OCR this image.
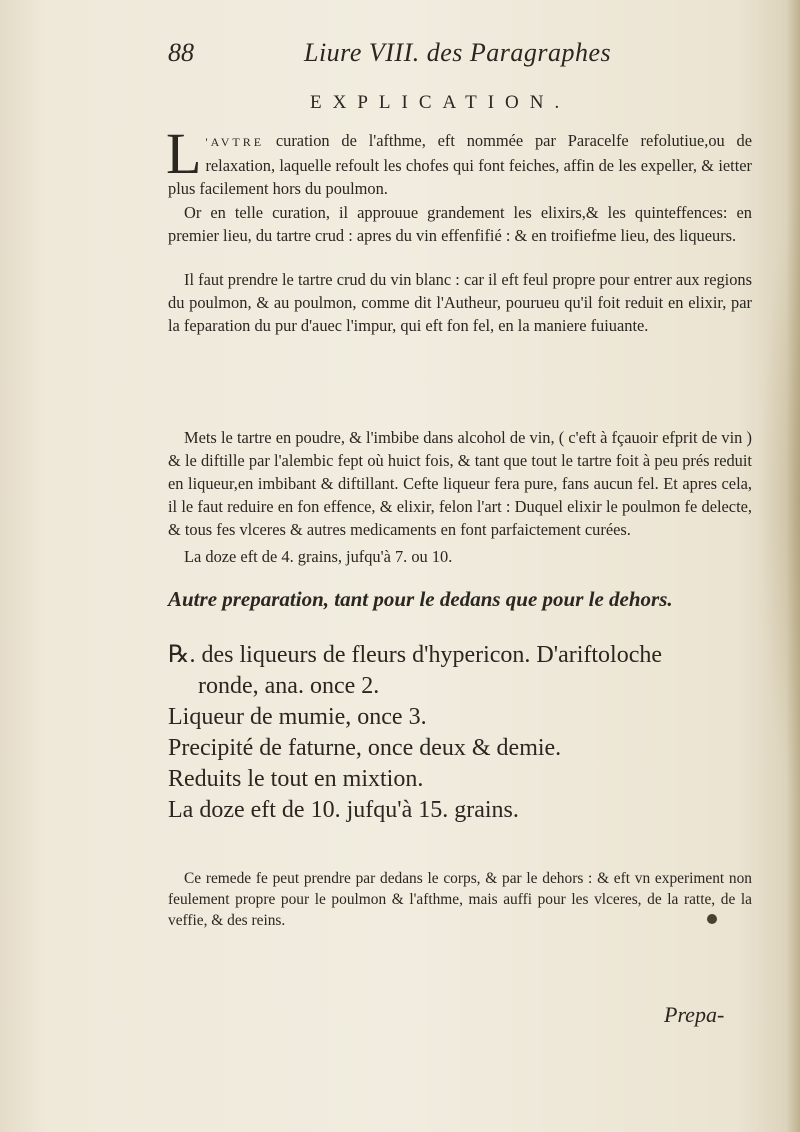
88	Liure VIII. des Paragraphes
EXPLICATION.
L 'AVTRE curation de l'afthme, eft nommée par Paracelfe refolutiue,ou de relaxation, laquelle refoult les chofes qui font feiches, affin de les expeller, & ietter plus facilement hors du poulmon.
Or en telle curation, il approuue grandement les elixirs,& les quinteffences: en premier lieu, du tartre crud : apres du vin effenfifié : & en troifiefme lieu, des liqueurs.
Il faut prendre le tartre crud du vin blanc : car il eft feul propre pour entrer aux regions du poulmon, & au poulmon, comme dit l'Autheur, pourueu qu'il foit reduit en elixir, par la feparation du pur d'auec l'impur, qui eft fon fel, en la maniere fuiuante.
Mets le tartre en poudre, & l'imbibe dans alcohol de vin, ( c'eft à fçauoir efprit de vin ) & le diftille par l'alembic fept où huict fois, & tant que tout le tartre foit à peu prés reduit en liqueur,en imbibant & diftillant. Cefte liqueur fera pure, fans aucun fel. Et apres cela, il le faut reduire en fon effence, & elixir, felon l'art : Duquel elixir le poulmon fe delecte, & tous fes vlceres & autres medicaments en font parfaictement curées.
La doze eft de 4. grains, jufqu'à 7. ou 10.
Autre preparation, tant pour le dedans que pour le dehors.
℞. des liqueurs de fleurs d'hypericon. D'ariftoloche
ronde, ana. once 2.
Liqueur de mumie, once 3.
Precipité de faturne, once deux & demie.
Reduits le tout en mixtion.
La doze eft de 10. jufqu'à 15. grains.
Ce remede fe peut prendre par dedans le corps, & par le dehors : & eft vn experiment non feulement propre pour le poulmon & l'afthme, mais auffi pour les vlceres, de la ratte, de la veffie, & des reins.
Prepa-
